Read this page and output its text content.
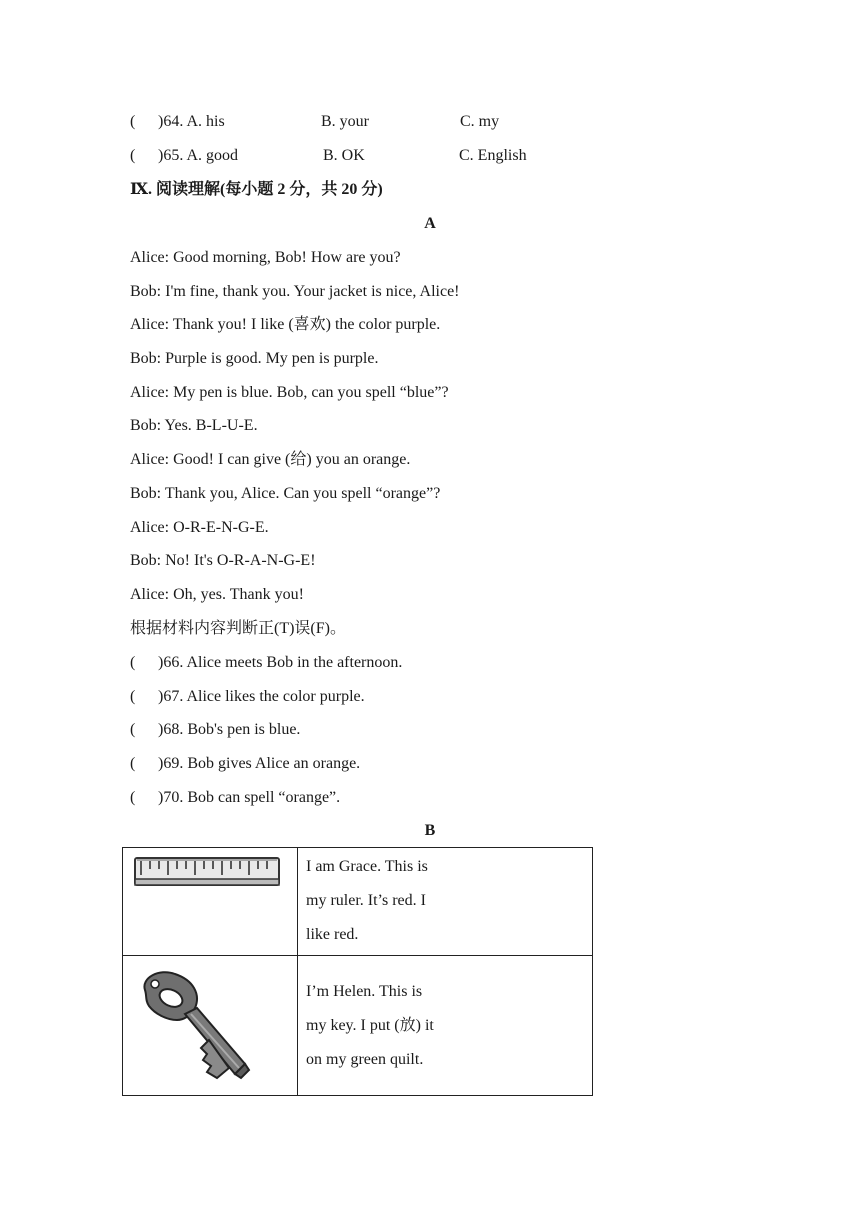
( )64. A. his	B. your	C. my
( )65. A. good	B. OK	C. English
Ⅸ. 阅读理解(每小题 2 分，共 20 分)
A
Alice: Good morning, Bob! How are you?
Bob: I'm fine, thank you. Your jacket is nice, Alice!
Alice: Thank you! I like (喜欢) the color purple.
Bob: Purple is good. My pen is purple.
Alice: My pen is blue. Bob, can you spell “blue”?
Bob: Yes. B-L-U-E.
Alice: Good! I can give (给) you an orange.
Bob: Thank you, Alice. Can you spell “orange”?
Alice: O-R-E-N-G-E.
Bob: No! It's O-R-A-N-G-E!
Alice: Oh, yes. Thank you!
根据材料内容判断正(T)误(F)。
( )66. Alice meets Bob in the afternoon.
( )67. Alice likes the color purple.
( )68. Bob's pen is blue.
( )69. Bob gives Alice an orange.
( )70. Bob can spell “orange”.
B

I am Grace. This is
my ruler. It’s red. I
like red.

I’m Helen. This is
my key. I put (放) it
on my green quilt.
